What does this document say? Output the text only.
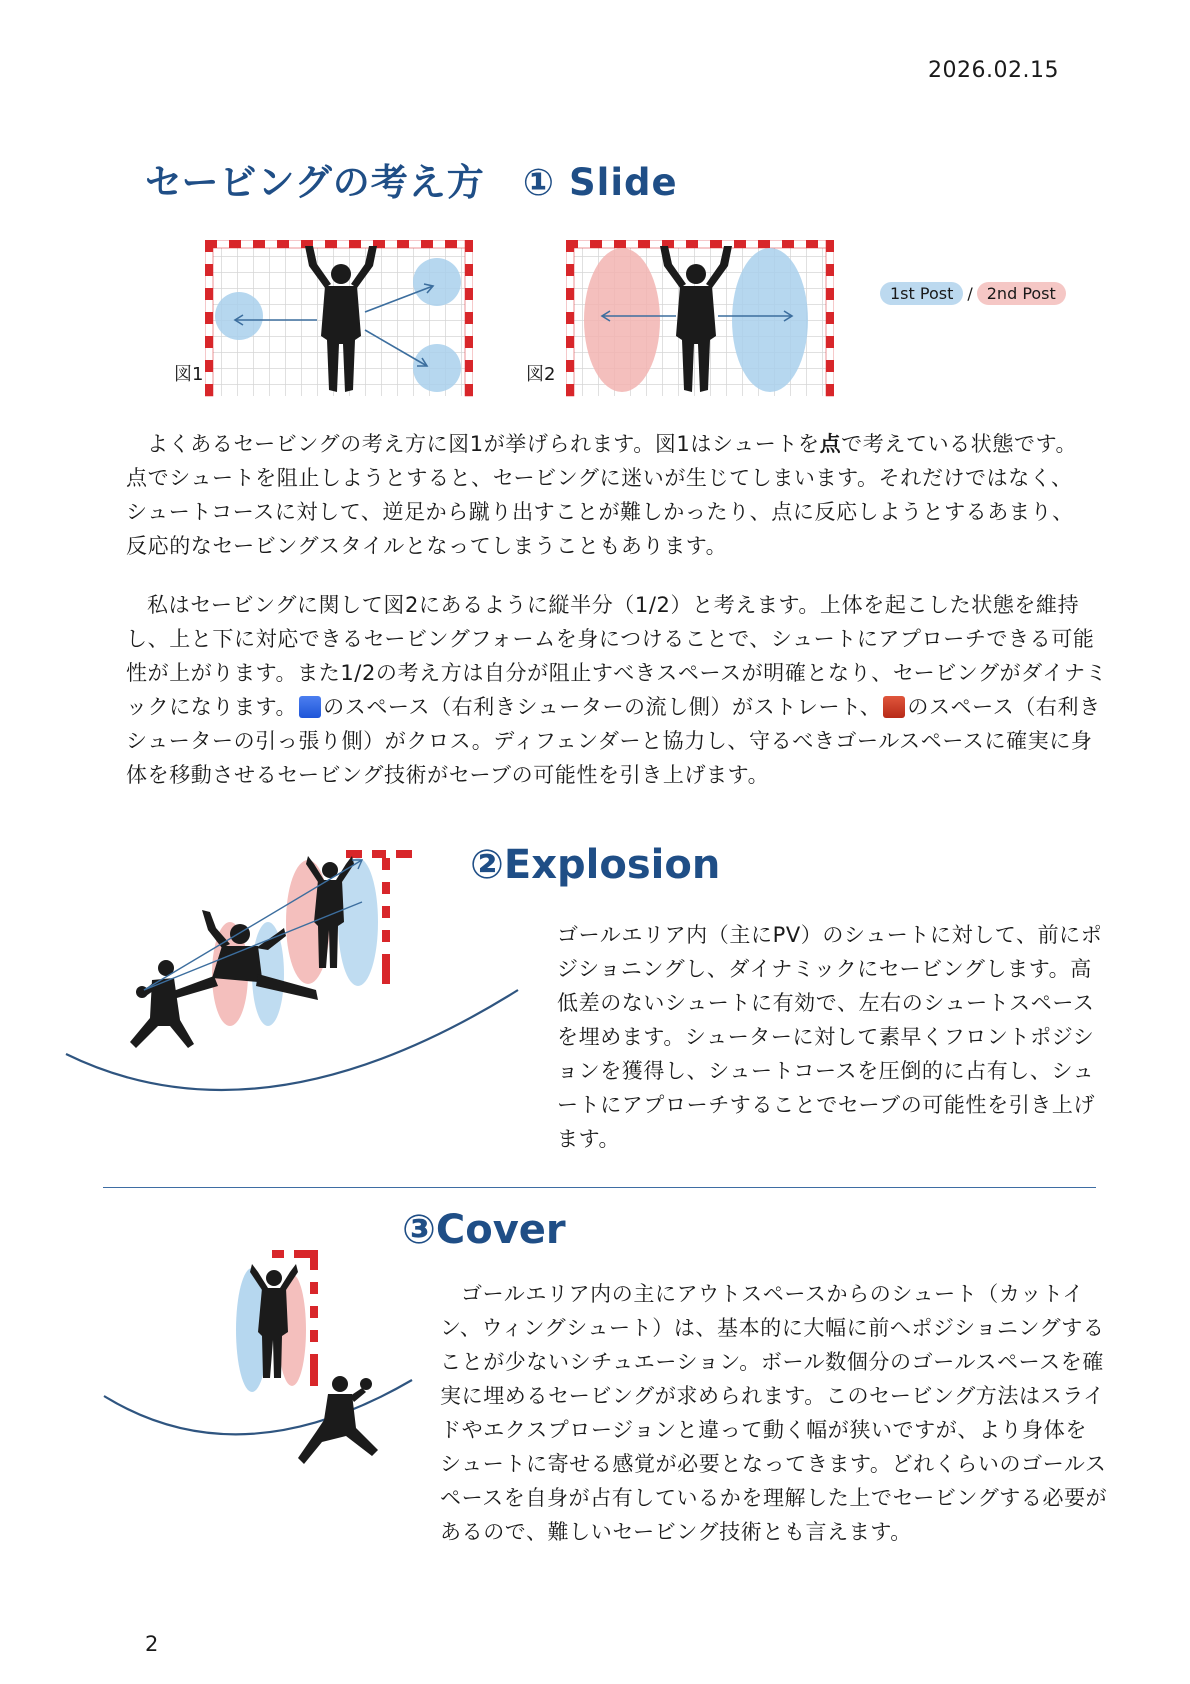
2026.02.15
セービングの考え方　① Slide
図1	図2
1st Post / 2nd Post

よくあるセービングの考え方に図1が挙げられます。図1はシュートを点で考えている状態です。点でシュートを阻止しようとすると、セービングに迷いが生じてしまいます。それだけではなく、シュートコースに対して、逆足から蹴り出すことが難しかったり、点に反応しようとするあまり、反応的なセービングスタイルとなってしまうこともあります。

私はセービングに関して図2にあるように縦半分（1/2）と考えます。上体を起こした状態を維持し、上と下に対応できるセービングフォームを身につけることで、シュートにアプローチできる可能性が上がります。また1/2の考え方は自分が阻止すべきスペースが明確となり、セービングがダイナミックになります。 のスペース（右利きシューターの流し側）がストレート、 のスペース（右利きシューターの引っ張り側）がクロス。ディフェンダーと協力し、守るべきゴールスペースに確実に身体を移動させるセービング技術がセーブの可能性を引き上げます。

②Explosion
ゴールエリア内（主にPV）のシュートに対して、前にポジショニングし、ダイナミックにセービングします。高低差のないシュートに有効で、左右のシュートスペースを埋めます。シューターに対して素早くフロントポジションを獲得し、シュートコースを圧倒的に占有し、シュートにアプローチすることでセーブの可能性を引き上げます。
③Cover

ゴールエリア内の主にアウトスペースからのシュート（カットイン、ウィングシュート）は、基本的に大幅に前へポジショニングすることが少ないシチュエーション。ボール数個分のゴールスペースを確実に埋めるセービングが求められます。このセービング方法はスライドやエクスプロージョンと違って動く幅が狭いですが、より身体をシュートに寄せる感覚が必要となってきます。どれくらいのゴールスペースを自身が占有しているかを理解した上でセービングする必要があるので、難しいセービング技術とも言えます。

2
